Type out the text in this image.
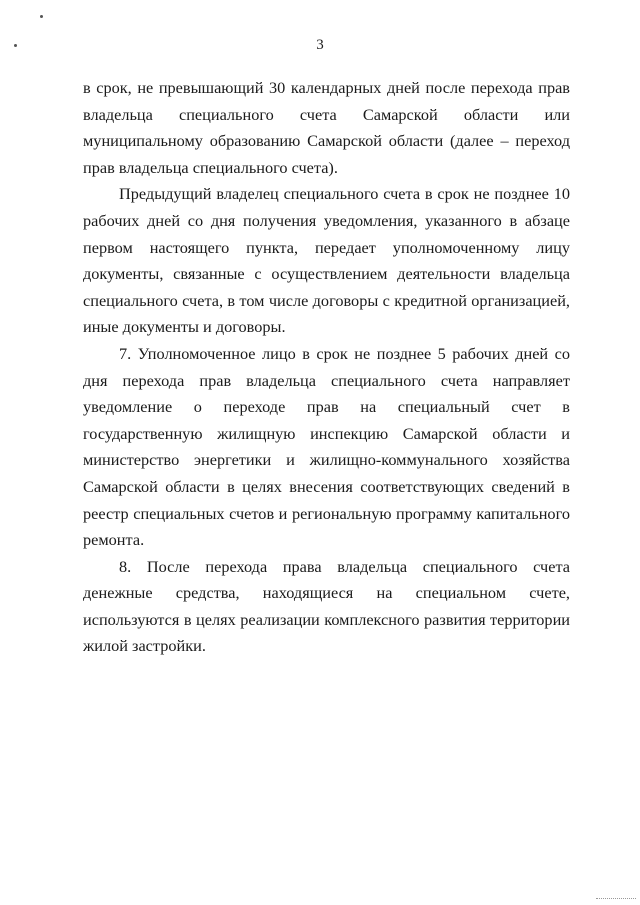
3

в срок, не превышающий 30 календарных дней после перехода прав владельца специального счета Самарской области или муниципальному образованию Самарской области (далее – переход прав владельца специального счета).

Предыдущий владелец специального счета в срок не позднее 10 рабочих дней со дня получения уведомления, указанного в абзаце первом настоящего пункта, передает уполномоченному лицу документы, связанные с осуществлением деятельности владельца специального счета, в том числе договоры с кредитной организацией, иные документы и договоры.

7. Уполномоченное лицо в срок не позднее 5 рабочих дней со дня перехода прав владельца специального счета направляет уведомление о переходе прав на специальный счет в государственную жилищную инспекцию Самарской области и министерство энергетики и жилищно-коммунального хозяйства Самарской области в целях внесения соответствующих сведений в реестр специальных счетов и региональную программу капитального ремонта.

8. После перехода права владельца специального счета денежные средства, находящиеся на специальном счете, используются в целях реализации комплексного развития территории жилой застройки.
